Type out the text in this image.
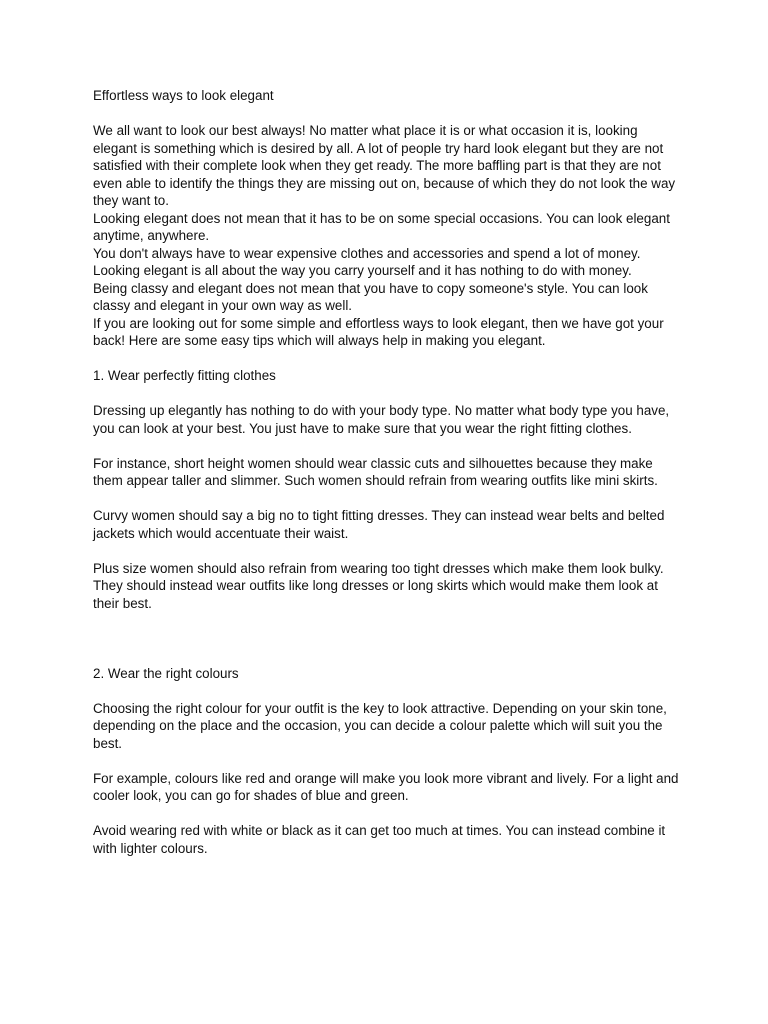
Effortless ways to look elegant

We all want to look our best always! No matter what place it is or what occasion it is, looking elegant is something which is desired by all. A lot of people try hard look elegant but they are not satisfied with their complete look when they get ready. The more baffling part is that they are not even able to identify the things they are missing out on, because of which they do not look the way they want to.

Looking elegant does not mean that it has to be on some special occasions. You can look elegant anytime, anywhere.

You don't always have to wear expensive clothes and accessories and spend a lot of money. Looking elegant is all about the way you carry yourself and it has nothing to do with money.

Being classy and elegant does not mean that you have to copy someone's style. You can look classy and elegant in your own way as well.

If you are looking out for some simple and effortless ways to look elegant, then we have got your back! Here are some easy tips which will always help in making you elegant.

1. Wear perfectly fitting clothes

Dressing up elegantly has nothing to do with your body type. No matter what body type you have, you can look at your best. You just have to make sure that you wear the right fitting clothes.

For instance, short height women should wear classic cuts and silhouettes because they make them appear taller and slimmer. Such women should refrain from wearing outfits like mini skirts.

Curvy women should say a big no to tight fitting dresses. They can instead wear belts and belted jackets which would accentuate their waist.

Plus size women should also refrain from wearing too tight dresses which make them look bulky. They should instead wear outfits like long dresses or long skirts which would make them look at their best.

2. Wear the right colours

Choosing the right colour for your outfit is the key to look attractive. Depending on your skin tone, depending on the place and the occasion, you can decide a colour palette which will suit you the best.

For example, colours like red and orange will make you look more vibrant and lively. For a light and cooler look, you can go for shades of blue and green.

Avoid wearing red with white or black as it can get too much at times. You can instead combine it with lighter colours.
